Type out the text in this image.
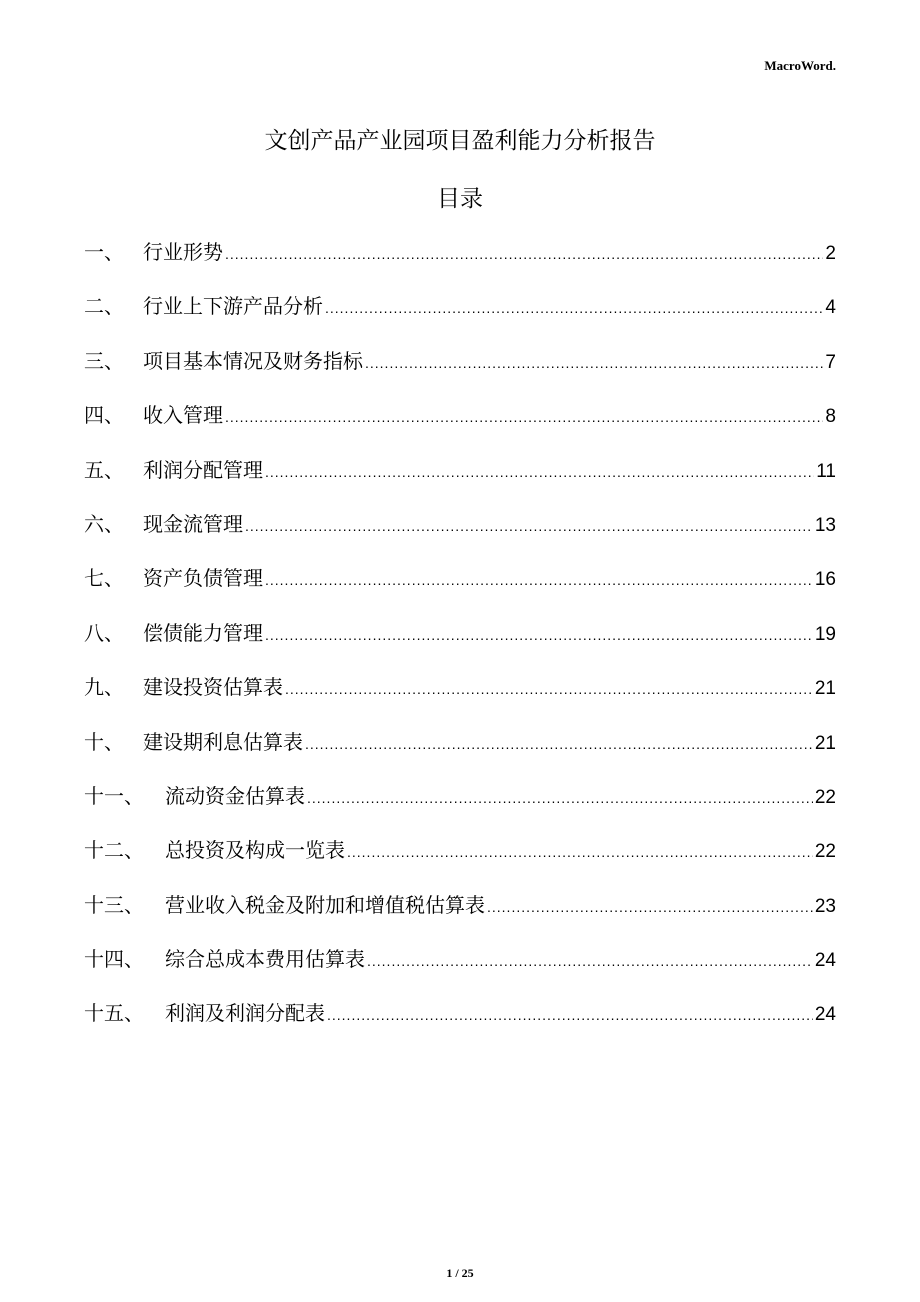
MacroWord.
文创产品产业园项目盈利能力分析报告
目录
一、 行业形势 .....	2
二、 行业上下游产品分析 .....	4
三、 项目基本情况及财务指标 .....	7
四、 收入管理 .....	8
五、 利润分配管理 .....	11
六、 现金流管理 .....	13
七、 资产负债管理 .....	16
八、 偿债能力管理 .....	19
九、 建设投资估算表 .....	21
十、 建设期利息估算表 .....	21
十一、	流动资金估算表 .....	22
十二、	总投资及构成一览表 .....	22
十三、	营业收入税金及附加和增值税估算表 .....	23
十四、	综合总成本费用估算表 .....	24
十五、	利润及利润分配表 .....	24
1 / 25
